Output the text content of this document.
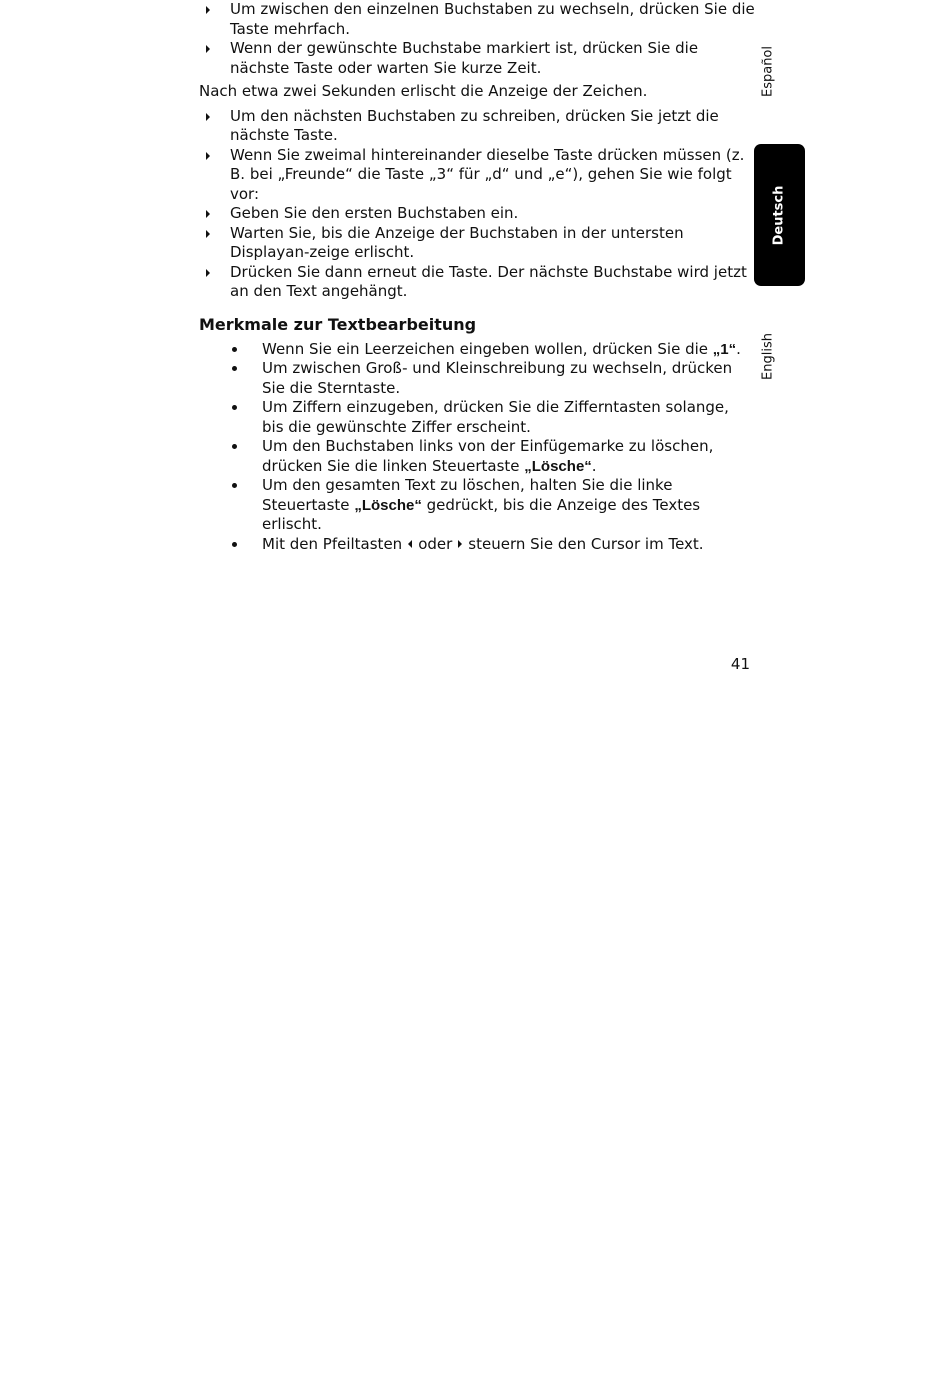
Um zwischen den einzelnen Buchstaben zu wechseln, drücken Sie die Taste mehrfach.
Wenn der gewünschte Buchstabe markiert ist, drücken Sie die nächste Taste oder warten Sie kurze Zeit.

Nach etwa zwei Sekunden erlischt die Anzeige der Zeichen.

Um den nächsten Buchstaben zu schreiben, drücken Sie jetzt die nächste Taste.
Wenn Sie zweimal hintereinander dieselbe Taste drücken müssen (z. B. bei „Freunde“ die Taste „3“ für „d“ und „e“), gehen Sie wie folgt vor:
Geben Sie den ersten Buchstaben ein.
Warten Sie, bis die Anzeige der Buchstaben in der untersten Displayan-zeige erlischt.
Drücken Sie dann erneut die Taste. Der nächste Buchstabe wird jetzt an den Text angehängt.
Merkmale zur Textbearbeitung
Wenn Sie ein Leerzeichen eingeben wollen, drücken Sie die „1“.
Um zwischen Groß- und Kleinschreibung zu wechseln, drücken Sie die Sterntaste.
Um Ziffern einzugeben, drücken Sie die Zifferntasten solange, bis die gewünschte Ziffer erscheint.
Um den Buchstaben links von der Einfügemarke zu löschen, drücken Sie die linken Steuertaste „Lösche“.
Um den gesamten Text zu löschen, halten Sie die linke Steuertaste „Lösche“ gedrückt, bis die Anzeige des Textes erlischt.
Mit den Pfeiltasten oder steuern Sie den Cursor im Text.
Español
Deutsch
English
41
